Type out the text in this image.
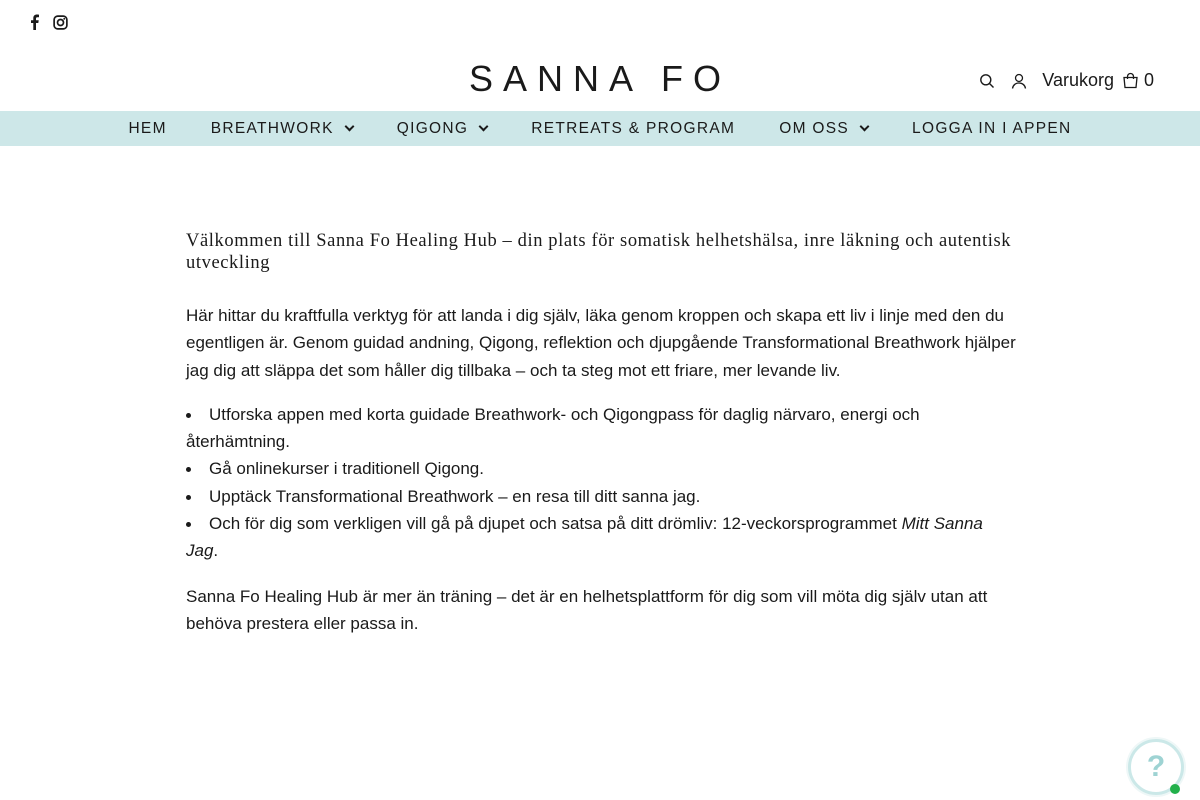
SANNA FO	Varukorg 0
HEM	BREATHWORK	QIGONG	RETREATS & PROGRAM	OM OSS	LOGGA IN I APPEN
Välkommen till Sanna Fo Healing Hub – din plats för somatisk helhetshälsa, inre läkning och autentisk utveckling

Här hittar du kraftfulla verktyg för att landa i dig själv, läka genom kroppen och skapa ett liv i linje med den du egentligen är. Genom guidad andning, Qigong, reflektion och djupgående Transformational Breathwork hjälper jag dig att släppa det som håller dig tillbaka – och ta steg mot ett friare, mer levande liv.

Utforska appen med korta guidade Breathwork- och Qigongpass för daglig närvaro, energi och återhämtning.
Gå onlinekurser i traditionell Qigong.
Upptäck Transformational Breathwork – en resa till ditt sanna jag.
Och för dig som verkligen vill gå på djupet och satsa på ditt drömliv: 12-veckorsprogrammet Mitt Sanna Jag.

Sanna Fo Healing Hub är mer än träning – det är en helhetsplattform för dig som vill möta dig själv utan att behöva prestera eller passa in.

?
